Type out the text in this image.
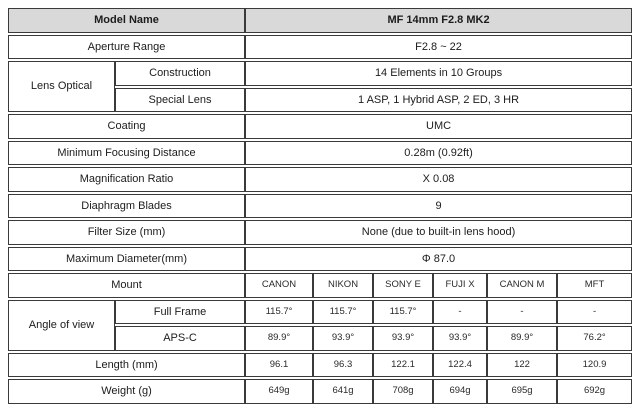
Model Name		MF 14mm F2.8 MK2					
Aperture Range		F2.8 ~ 22					
Lens Optical	Construction	14 Elements in 10 Groups					
	Special Lens	1 ASP, 1 Hybrid ASP, 2 ED, 3 HR					
Coating		UMC					
Minimum Focusing Distance		0.28m (0.92ft)					
Magnification Ratio		X 0.08					
Diaphragm Blades		9					
Filter Size (mm)		None (due to built-in lens hood)					
Maximum Diameter(mm)		Φ 87.0					
Mount		CANON	NIKON	SONY E	FUJI X	CANON M	MFT
Angle of view	Full Frame	115.7°	115.7°	115.7°	-	-	-
	APS-C	89.9°	93.9°	93.9°	93.9°	89.9°	76.2°
Length (mm)		96.1	96.3	122.1	122.4	122	120.9
Weight (g)		649g	641g	708g	694g	695g	692g
